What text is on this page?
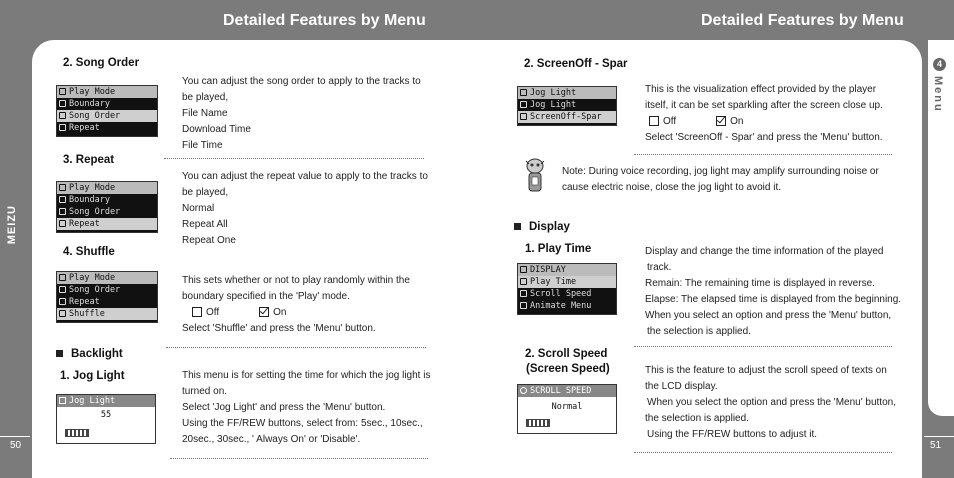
Detailed Features by Menu	Detailed Features by Menu
MEIZU
4
Menu
50	51
2. Song Order
Play Mode
Boundary
Song Order
Repeat
You can adjust the song order to apply to the tracks to
be played,
File Name
Download Time
File Time
3. Repeat
Play Mode
Boundary
Song Order
Repeat
You can adjust the repeat value to apply to the tracks to
be played,
Normal
Repeat All
Repeat One
4. Shuffle
Play Mode
Song Order
Repeat
Shuffle
This sets whether or not to play randomly within the
boundary specified in the 'Play' mode.
Off	On
Select 'Shuffle' and press the 'Menu' button.
Backlight
1. Jog Light
Jog Light
55
This menu is for setting the time for which the jog light is
turned on.
Select 'Jog Light' and press the 'Menu' button.
Using the FF/REW buttons, select from: 5sec., 10sec.,
20sec., 30sec., ' Always On' or 'Disable'.
2. ScreenOff - Spar
Jog Light
Jog Light
ScreenOff-Spar
This is the visualization effect provided by the player
itself, it can be set sparkling after the screen close up.
Off	On
Select 'ScreenOff - Spar' and press the 'Menu' button.
Note: During voice recording, jog light may amplify surrounding noise or
cause electric noise, close the jog light to avoid it.
Display
1. Play Time
DISPLAY
Play Time
Scroll Speed
Animate Menu
Display and change the time information of the played
track.
Remain: The remaining time is displayed in reverse.
Elapse: The elapsed time is displayed from the beginning.
When you select an option and press the 'Menu' button,
the selection is applied.
2. Scroll Speed
(Screen Speed)
SCROLL SPEED
Normal
This is the feature to adjust the scroll speed of texts on
the LCD display.
When you select the option and press the 'Menu' button,
the selection is applied.
Using the FF/REW buttons to adjust it.
